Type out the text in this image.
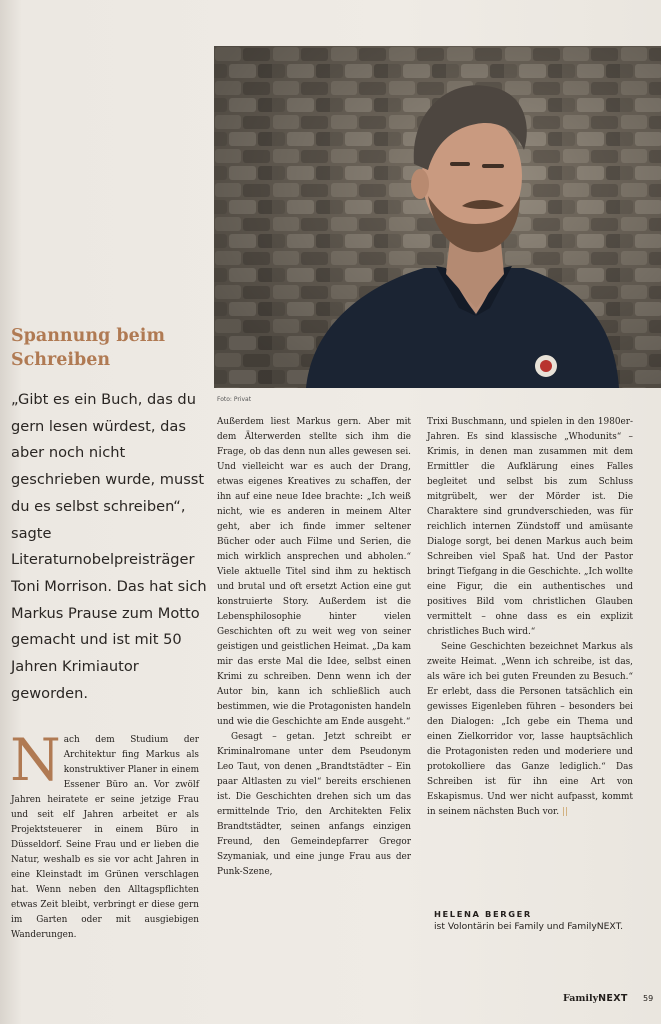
Foto: Privat

Spannung beim
Schreiben

„Gibt es ein Buch, das du gern lesen würdest, das aber noch nicht geschrieben wurde, musst du es selbst schreiben“, sagte Literaturnobelpreisträger Toni Morrison. Das hat sich Markus Prause zum Motto gemacht und ist mit 50 Jahren Krimiautor geworden.

N ach dem Studium der Architektur fing Markus als konstruktiver Planer in einem Essener Büro an. Vor zwölf Jahren heiratete er seine jetzige Frau und seit elf Jahren arbeitet er als Projektsteuerer in einem Büro in Düsseldorf. Seine Frau und er lieben die Natur, weshalb es sie vor acht Jahren in eine Kleinstadt im Grünen verschlagen hat. Wenn neben den Alltagspflichten etwas Zeit bleibt, verbringt er diese gern im Garten oder mit ausgiebigen Wanderungen.

Außerdem liest Markus gern. Aber mit dem Älterwerden stellte sich ihm die Frage, ob das denn nun alles gewesen sei. Und vielleicht war es auch der Drang, etwas eigenes Kreatives zu schaffen, der ihn auf eine neue Idee brachte: „Ich weiß nicht, wie es anderen in meinem Alter geht, aber ich finde immer seltener Bücher oder auch Filme und Serien, die mich wirklich ansprechen und abholen.“ Viele aktuelle Titel sind ihm zu hektisch und brutal und oft ersetzt Action eine gut konstruierte Story. Außerdem ist die Lebensphilosophie hinter vielen Geschichten oft zu weit weg von seiner geistigen und geistlichen Heimat. „Da kam mir das erste Mal die Idee, selbst einen Krimi zu schreiben. Denn wenn ich der Autor bin, kann ich schließlich auch bestimmen, wie die Protagonisten handeln und wie die Geschichte am Ende ausgeht.“

Gesagt – getan. Jetzt schreibt er Kriminalromane unter dem Pseudonym Leo Taut, von denen „Brandtstädter – Ein paar Altlasten zu viel“ bereits erschienen ist. Die Geschichten drehen sich um das ermittelnde Trio, den Architekten Felix Brandtstädter, seinen anfangs einzigen Freund, den Gemeindepfarrer Gregor Szymaniak, und eine junge Frau aus der Punk-Szene,

Trixi Buschmann, und spielen in den 1980er-Jahren. Es sind klassische „Whodunits“ – Krimis, in denen man zusammen mit dem Ermittler die Aufklärung eines Falles begleitet und selbst bis zum Schluss mitgrübelt, wer der Mörder ist. Die Charaktere sind grundverschieden, was für reichlich internen Zündstoff und amüsante Dialoge sorgt, bei denen Markus auch beim Schreiben viel Spaß hat. Und der Pastor bringt Tiefgang in die Geschichte. „Ich wollte eine Figur, die ein authentisches und positives Bild vom christlichen Glauben vermittelt – ohne dass es ein explizit christliches Buch wird.“

Seine Geschichten bezeichnet Markus als zweite Heimat. „Wenn ich schreibe, ist das, als wäre ich bei guten Freunden zu Besuch.“ Er erlebt, dass die Personen tatsächlich ein gewisses Eigenleben führen – besonders bei den Dialogen: „Ich gebe ein Thema und einen Zielkorridor vor, lasse hauptsächlich die Protagonisten reden und moderiere und protokolliere das Ganze lediglich.“ Das Schreiben ist für ihn eine Art von Eskapismus. Und wer nicht aufpasst, kommt in seinem nächsten Buch vor. ||

HELENA BERGER
ist Volontärin bei Family und FamilyNEXT.

FamilyNEXT 59
